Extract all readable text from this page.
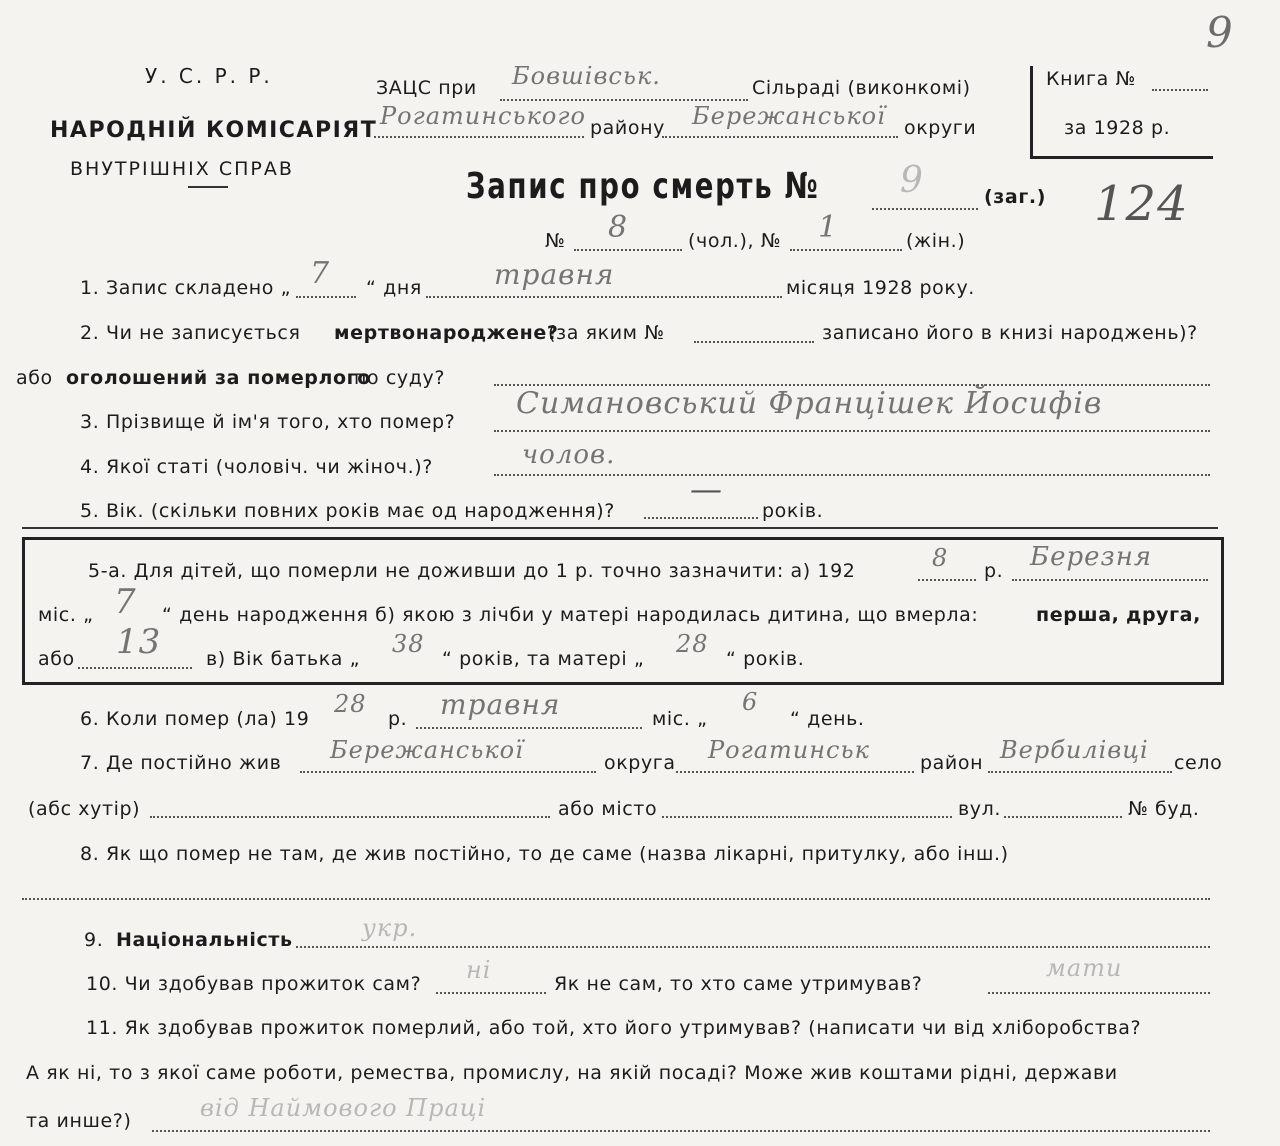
У. С. Р. Р.
НАРОДНІЙ КОМІСАРІЯТ
ВНУТРІШНІХ СПРАВ
ЗАЦС при Бовшівськ.	Сільраді (виконкомі)
Рогатинського району Бережанської округи
Книга №
за 1928 р.
9
Запис про смерть № 9	(заг.) 124
№ 8	(чол.), № 1	(жін.)
1. Запис складено „ 7 “ дня	травня	місяця 1928 року.
2. Чи не записується мертвонароджене?
(за яким №	записано його в книзі народжень)?
або оголошений за померлого
по суду?
3. Прізвище й ім'я того, хто помер?
Симановський Францішек Йосифів
4. Якої статі (чоловіч. чи жіноч.)?	чолов.
5. Вік. (скільки повних років має од народження)?
—
років.
5-а. Для дітей, що померли не доживши до 1 р. точно зазначити: а) 192	8 р. Березня
міс. „ 7 “ день народження б) якою з лічби у матері народилась дитина, що вмерла:	перша, друга,
або 13 в) Вік батька „
38
“ років, та матері „
28
“ років.
6. Коли помер (ла) 19
28
р. травня	міс. „
6
“ день.
7. Де постійно жив Бережанської	округа Рогатинськ	район Вербилівці село
(абс хутір)	або місто	вул.	№ буд.
8. Як що помер не там, де жив постійно, то де саме (назва лікарні, притулку, або інш.)
9. Національність	укр.
10. Чи здобував прожиток сам? ні	Як не сам, то хто саме утримував?
мати
11. Як здобував прожиток померлий, або той, хто його утримував? (написати чи від хліборобства?
А як ні, то з якої саме роботи, ремества, промислу, на якій посаді? Може жив коштами рідні, держави
та инше?)	від Наймового Праці
